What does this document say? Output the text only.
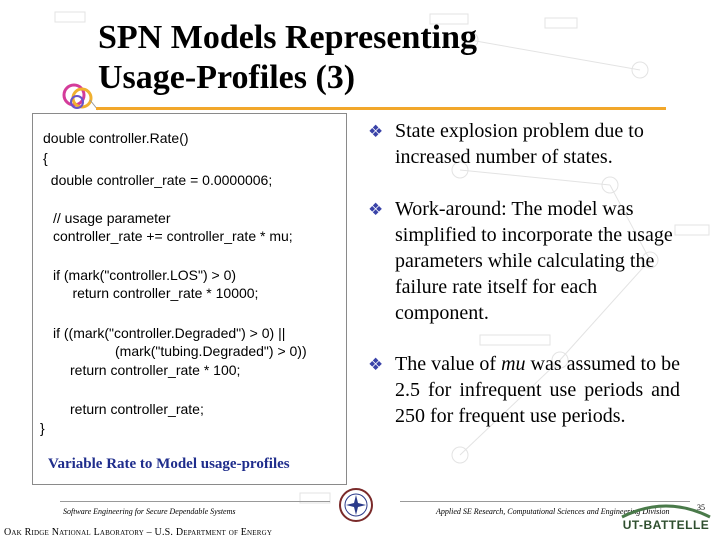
SPN Models Representing
Usage-Profiles (3)
double controller.Rate()
{
double controller_rate = 0.0000006;
// usage parameter
controller_rate += controller_rate * mu;
if (mark("controller.LOS") > 0)
return controller_rate * 10000;
if ((mark("controller.Degraded") > 0) ||
(mark("tubing.Degraded") > 0))
return controller_rate * 100;
return controller_rate;
}
Variable Rate to Model usage-profiles
❖ State explosion problem due to increased number of states.
❖ Work-around: The model was simplified to incorporate the usage parameters while calculating the failure rate itself for each component.
❖ The value of mu was assumed to be 2.5 for infrequent use periods and 250 for frequent use periods.
Software Engineering for Secure Dependable Systems	Applied SE Research, Computational Sciences and Engineering Division	35
Oak Ridge National Laboratory – U.S. Department of Energy
UT-BATTELLE
